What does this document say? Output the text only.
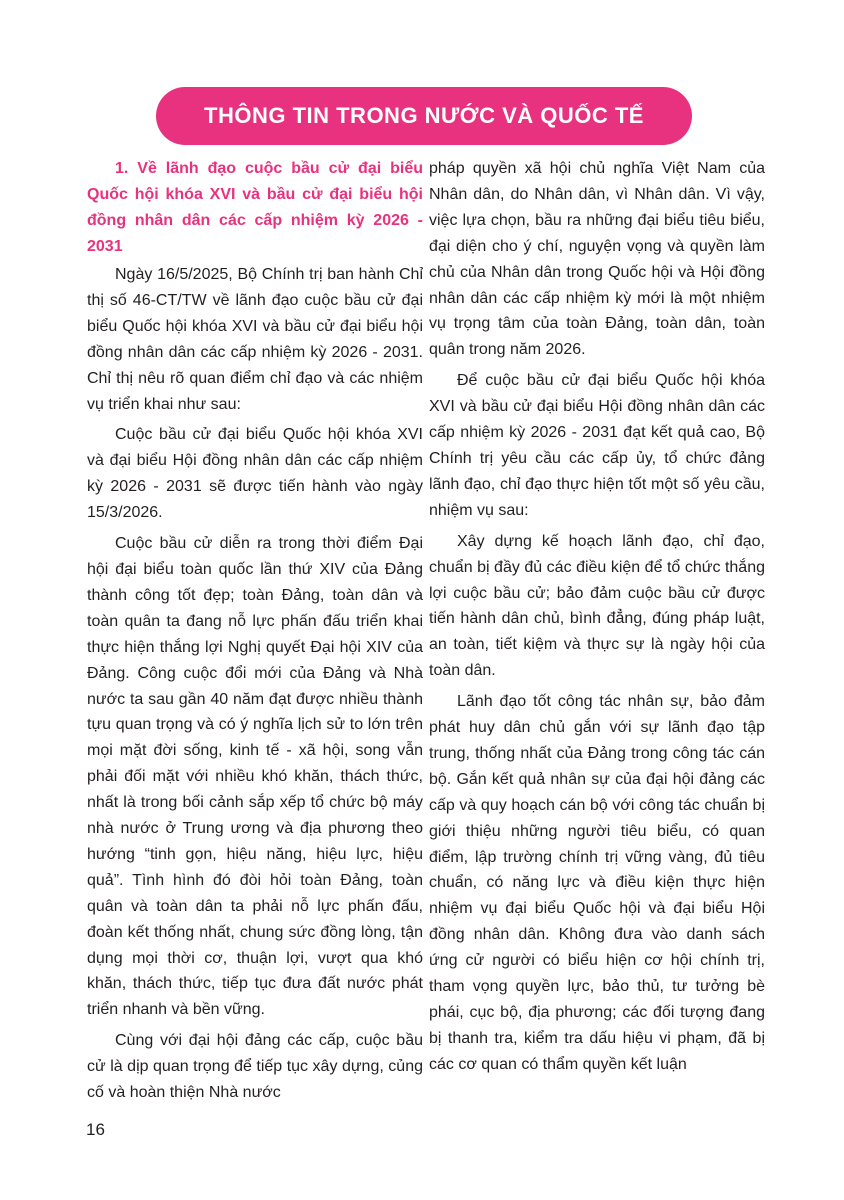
THÔNG TIN TRONG NƯỚC VÀ QUỐC TẾ
1. Về lãnh đạo cuộc bầu cử đại biểu Quốc hội khóa XVI và bầu cử đại biểu hội đồng nhân dân các cấp nhiệm kỳ 2026 - 2031

Ngày 16/5/2025, Bộ Chính trị ban hành Chỉ thị số 46-CT/TW về lãnh đạo cuộc bầu cử đại biểu Quốc hội khóa XVI và bầu cử đại biểu hội đồng nhân dân các cấp nhiệm kỳ 2026 - 2031. Chỉ thị nêu rõ quan điểm chỉ đạo và các nhiệm vụ triển khai như sau:

Cuộc bầu cử đại biểu Quốc hội khóa XVI và đại biểu Hội đồng nhân dân các cấp nhiệm kỳ 2026 - 2031 sẽ được tiến hành vào ngày 15/3/2026.

Cuộc bầu cử diễn ra trong thời điểm Đại hội đại biểu toàn quốc lần thứ XIV của Đảng thành công tốt đẹp; toàn Đảng, toàn dân và toàn quân ta đang nỗ lực phấn đấu triển khai thực hiện thắng lợi Nghị quyết Đại hội XIV của Đảng. Công cuộc đổi mới của Đảng và Nhà nước ta sau gần 40 năm đạt được nhiều thành tựu quan trọng và có ý nghĩa lịch sử to lớn trên mọi mặt đời sống, kinh tế - xã hội, song vẫn phải đối mặt với nhiều khó khăn, thách thức, nhất là trong bối cảnh sắp xếp tổ chức bộ máy nhà nước ở Trung ương và địa phương theo hướng “tinh gọn, hiệu năng, hiệu lực, hiệu quả”. Tình hình đó đòi hỏi toàn Đảng, toàn quân và toàn dân ta phải nỗ lực phấn đấu, đoàn kết thống nhất, chung sức đồng lòng, tận dụng mọi thời cơ, thuận lợi, vượt qua khó khăn, thách thức, tiếp tục đưa đất nước phát triển nhanh và bền vững.

Cùng với đại hội đảng các cấp, cuộc bầu cử là dịp quan trọng để tiếp tục xây dựng, củng cố và hoàn thiện Nhà nước

pháp quyền xã hội chủ nghĩa Việt Nam của Nhân dân, do Nhân dân, vì Nhân dân. Vì vậy, việc lựa chọn, bầu ra những đại biểu tiêu biểu, đại diện cho ý chí, nguyện vọng và quyền làm chủ của Nhân dân trong Quốc hội và Hội đồng nhân dân các cấp nhiệm kỳ mới là một nhiệm vụ trọng tâm của toàn Đảng, toàn dân, toàn quân trong năm 2026.

Để cuộc bầu cử đại biểu Quốc hội khóa XVI và bầu cử đại biểu Hội đồng nhân dân các cấp nhiệm kỳ 2026 - 2031 đạt kết quả cao, Bộ Chính trị yêu cầu các cấp ủy, tổ chức đảng lãnh đạo, chỉ đạo thực hiện tốt một số yêu cầu, nhiệm vụ sau:

Xây dựng kế hoạch lãnh đạo, chỉ đạo, chuẩn bị đầy đủ các điều kiện để tổ chức thắng lợi cuộc bầu cử; bảo đảm cuộc bầu cử được tiến hành dân chủ, bình đẳng, đúng pháp luật, an toàn, tiết kiệm và thực sự là ngày hội của toàn dân.

Lãnh đạo tốt công tác nhân sự, bảo đảm phát huy dân chủ gắn với sự lãnh đạo tập trung, thống nhất của Đảng trong công tác cán bộ. Gắn kết quả nhân sự của đại hội đảng các cấp và quy hoạch cán bộ với công tác chuẩn bị giới thiệu những người tiêu biểu, có quan điểm, lập trường chính trị vững vàng, đủ tiêu chuẩn, có năng lực và điều kiện thực hiện nhiệm vụ đại biểu Quốc hội và đại biểu Hội đồng nhân dân. Không đưa vào danh sách ứng cử người có biểu hiện cơ hội chính trị, tham vọng quyền lực, bảo thủ, tư tưởng bè phái, cục bộ, địa phương; các đối tượng đang bị thanh tra, kiểm tra dấu hiệu vi phạm, đã bị các cơ quan có thẩm quyền kết luận

16
